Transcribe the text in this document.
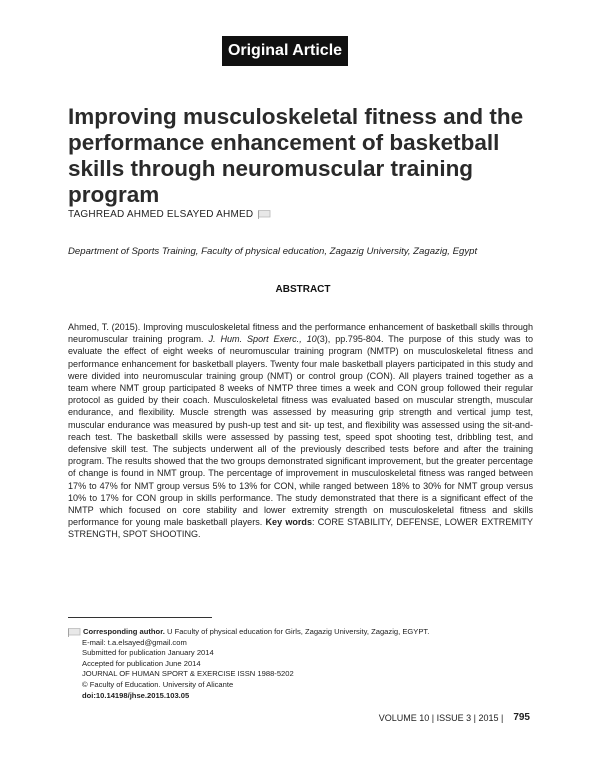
Original Article
Improving musculoskeletal fitness and the performance enhancement of basketball skills through neuromuscular training program
TAGHREAD AHMED ELSAYED AHMED
Department of Sports Training, Faculty of physical education, Zagazig University, Zagazig, Egypt
ABSTRACT

Ahmed, T. (2015). Improving musculoskeletal fitness and the performance enhancement of basketball skills through neuromuscular training program. J. Hum. Sport Exerc., 10(3), pp.795-804. The purpose of this study was to evaluate the effect of eight weeks of neuromuscular training program (NMTP) on musculoskeletal fitness and performance enhancement for basketball players. Twenty four male basketball players participated in this study and were divided into neuromuscular training group (NMT) or control group (CON). All players trained together as a team where NMT group participated 8 weeks of NMTP three times a week and CON group followed their regular protocol as guided by their coach. Musculoskeletal fitness was evaluated based on muscular strength, muscular endurance, and flexibility. Muscle strength was assessed by measuring grip strength and vertical jump test, muscular endurance was measured by push-up test and sit- up test, and flexibility was assessed using the sit-and-reach test. The basketball skills were assessed by passing test, speed spot shooting test, dribbling test, and defensive skill test. The subjects underwent all of the previously described tests before and after the training program. The results showed that the two groups demonstrated significant improvement, but the greater percentage of change is found in NMT group. The percentage of improvement in musculoskeletal fitness was ranged between 17% to 47% for NMT group versus 5% to 13% for CON, while ranged between 18% to 30% for NMT group versus 10% to 17% for CON group in skills performance. The study demonstrated that there is a significant effect of the NMTP which focused on core stability and lower extremity strength on musculoskeletal fitness and skills performance for young male basketball players. Key words: CORE STABILITY, DEFENSE, LOWER EXTREMITY STRENGTH, SPOT SHOOTING.

Corresponding author. U Faculty of physical education for Girls, Zagazig University, Zagazig, EGYPT.
E-mail: t.a.elsayed@gmail.com
Submitted for publication January 2014
Accepted for publication June 2014
JOURNAL OF HUMAN SPORT & EXERCISE ISSN 1988-5202
© Faculty of Education. University of Alicante
doi:10.14198/jhse.2015.103.05
VOLUME 10 | ISSUE 3 | 2015 | 795
